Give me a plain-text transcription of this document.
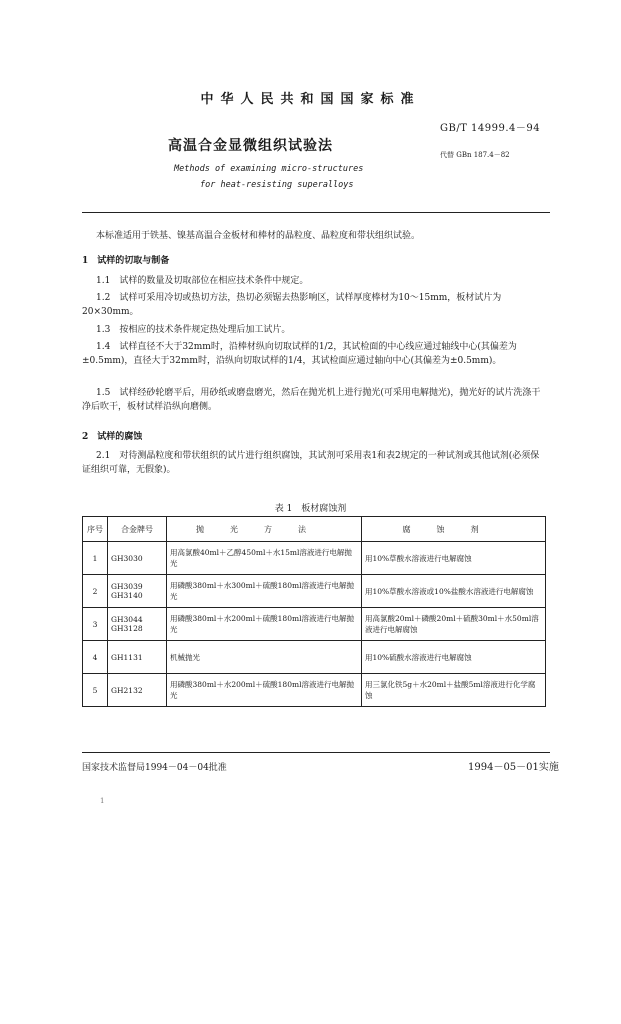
中华人民共和国国家标准
GB/T 14999.4－94
高温合金显微组织试验法
代替 GBn 187.4－82
Methods of examining micro-structures
for heat-resisting superalloys
本标准适用于铁基、镍基高温合金板材和棒材的晶粒度、晶粒度和带状组织试验。
1　试样的切取与制备
1.1　试样的数量及切取部位在相应技术条件中规定。
1.2　试样可采用冷切或热切方法，热切必须锯去热影响区，试样厚度棒材为10～15mm，板材试片为20×30mm。
1.3　按相应的技术条件规定热处理后加工试片。
1.4　试样直径不大于32mm时，沿棒材纵向切取试样的1/2，其试检面的中心线应通过轴线中心(其偏差为±0.5mm)，直径大于32mm时，沿纵向切取试样的1/4，其试检面应通过轴向中心(其偏差为±0.5mm)。
1.5　试样经砂轮磨平后，用砂纸或磨盘磨光，然后在抛光机上进行抛光(可采用电解抛光)，抛光好的试片洗涤干净后吹干，板材试样沿纵向磨侧。
2　试样的腐蚀
2.1　对待测晶粒度和带状组织的试片进行组织腐蚀，其试剂可采用表1和表2规定的一种试剂或其他试剂(必须保证组织可靠，无假象)。
表 1　板材腐蚀剂
序号	合金牌号	抛光方法	腐蚀剂
1	GH3030	用高氯酸40ml＋乙醇450ml＋水15ml溶液进行电解抛光	用10%草酸水溶液进行电解腐蚀
2	GH3039
GH3140	用磷酸380ml＋水300ml＋硫酸180ml溶液进行电解抛光	用10%草酸水溶液或10%盐酸水溶液进行电解腐蚀
3	GH3044
GH3128	用磷酸380ml＋水200ml＋硫酸180ml溶液进行电解抛光	用高氯酸20ml＋磷酸20ml＋硫酸30ml＋水50ml溶液进行电解腐蚀
4	GH1131	机械抛光	用10%硫酸水溶液进行电解腐蚀
5	GH2132	用磷酸380ml＋水200ml＋硫酸180ml溶液进行电解抛光	用三氯化铁5g＋水20ml＋盐酸5ml溶液进行化学腐蚀
国家技术监督局1994－04－04批准	1994－05－01实施
1
